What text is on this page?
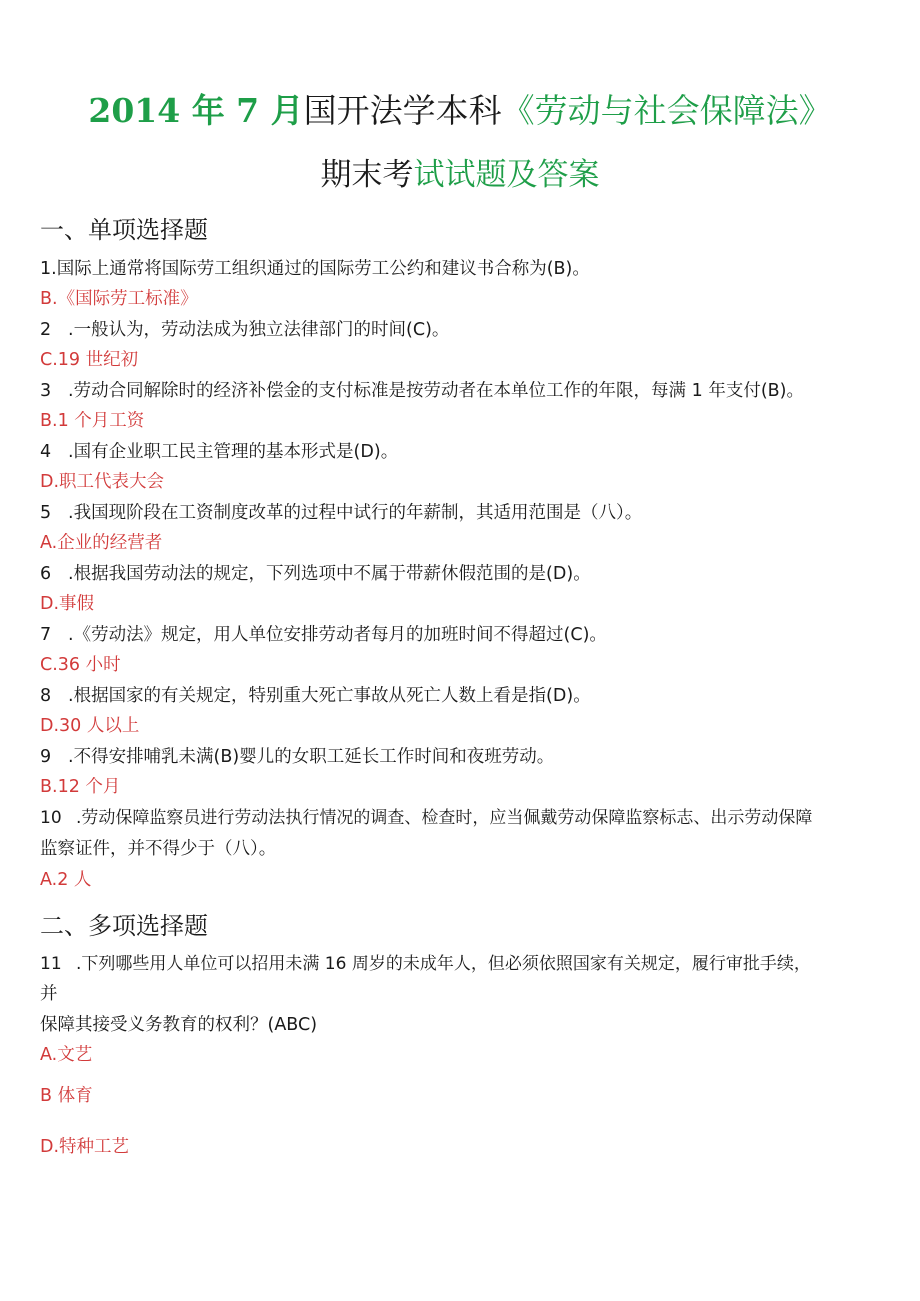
2014 年 7 月国开法学本科《劳动与社会保障法》
期末考试试题及答案
一、单项选择题
1.国际上通常将国际劳工组织通过的国际劳工公约和建议书合称为(B)。
B.《国际劳工标准》
2 .一般认为，劳动法成为独立法律部门的时间(C)。
C.19 世纪初
3 .劳动合同解除时的经济补偿金的支付标准是按劳动者在本单位工作的年限，每满 1 年支付(B)。
B.1 个月工资
4 .国有企业职工民主管理的基本形式是(D)。
D.职工代表大会
5 .我国现阶段在工资制度改革的过程中试行的年薪制，其适用范围是（八）。
A.企业的经营者
6 .根据我国劳动法的规定，下列选项中不属于带薪休假范围的是(D)。
D.事假
7 .《劳动法》规定，用人单位安排劳动者每月的加班时间不得超过(C)。
C.36 小时
8 .根据国家的有关规定，特别重大死亡事故从死亡人数上看是指(D)。
D.30 人以上
9 .不得安排哺乳未满(B)婴儿的女职工延长工作时间和夜班劳动。
B.12 个月
10 .劳动保障监察员进行劳动法执行情况的调查、检查时，应当佩戴劳动保障监察标志、出示劳动保障
监察证件，并不得少于（八）。
A.2 人
二、多项选择题
11 .下列哪些用人单位可以招用未满 16 周岁的未成年人，但必须依照国家有关规定，履行审批手续，
并
保障其接受义务教育的权利？(ABC)
A.文艺
B 体育
D.特种工艺
